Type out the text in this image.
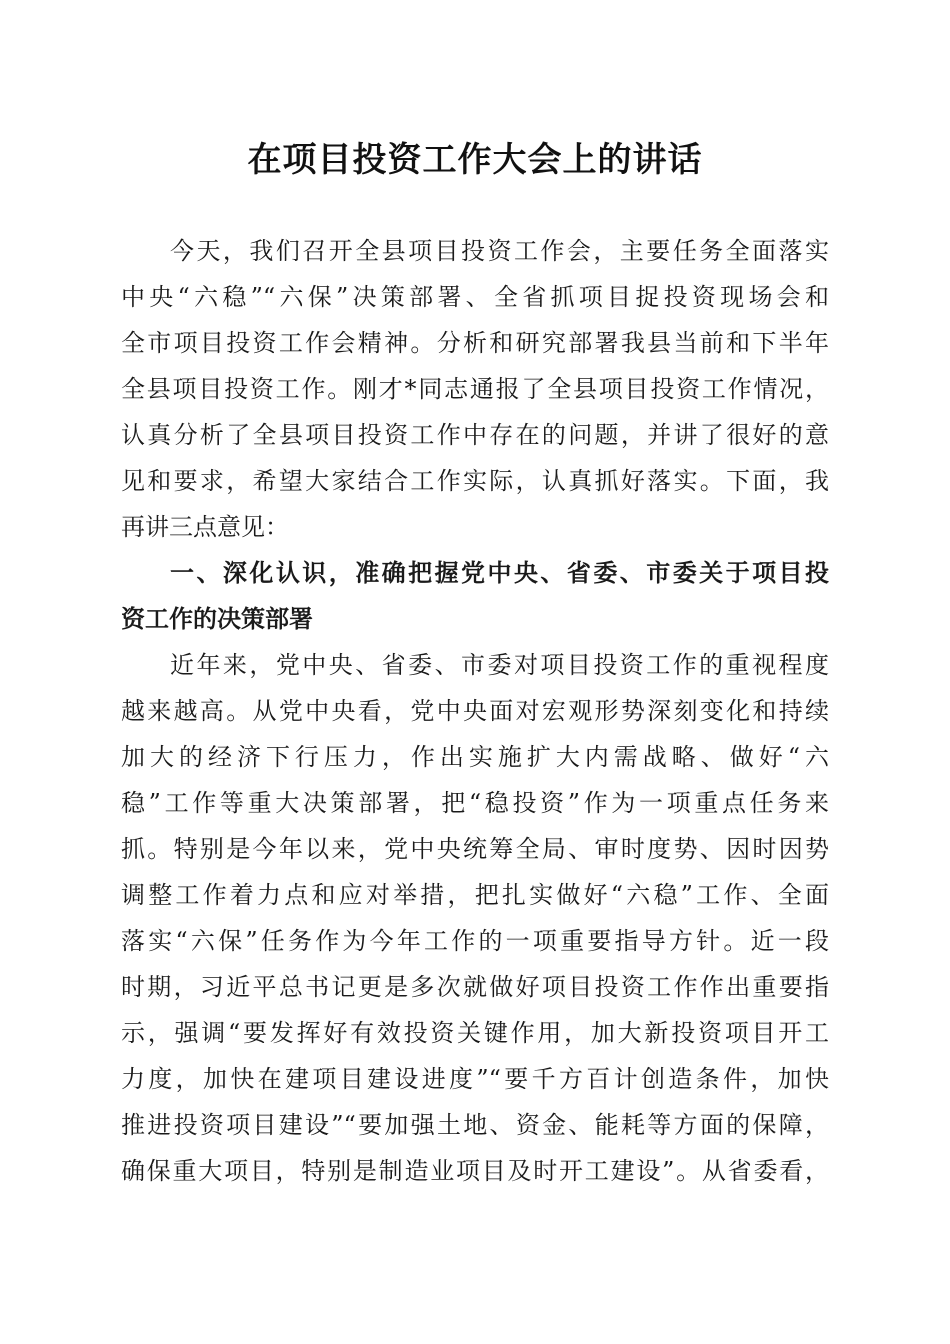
在项目投资工作大会上的讲话

今天，我们召开全县项目投资工作会，主要任务全面落实

中央“六稳”“六保”决策部署、全省抓项目捉投资现场会和

全市项目投资工作会精神。分析和研究部署我县当前和下半年

全县项目投资工作。刚才*同志通报了全县项目投资工作情况，

认真分析了全县项目投资工作中存在的问题，并讲了很好的意

见和要求，希望大家结合工作实际，认真抓好落实。下面，我

再讲三点意见：

一、深化认识，准确把握党中央、省委、市委关于项目投

资工作的决策部署

近年来，党中央、省委、市委对项目投资工作的重视程度

越来越高。从党中央看，党中央面对宏观形势深刻变化和持续

加大的经济下行压力，作出实施扩大内需战略、做好“六

稳”工作等重大决策部署，把“稳投资”作为一项重点任务来

抓。特别是今年以来，党中央统筹全局、审时度势、因时因势

调整工作着力点和应对举措，把扎实做好“六稳”工作、全面

落实“六保”任务作为今年工作的一项重要指导方针。近一段

时期，习近平总书记更是多次就做好项目投资工作作出重要指

示，强调“要发挥好有效投资关键作用，加大新投资项目开工

力度，加快在建项目建设进度”“要千方百计创造条件，加快

推进投资项目建设”“要加强土地、资金、能耗等方面的保障，

确保重大项目，特别是制造业项目及时开工建设”。从省委看，
